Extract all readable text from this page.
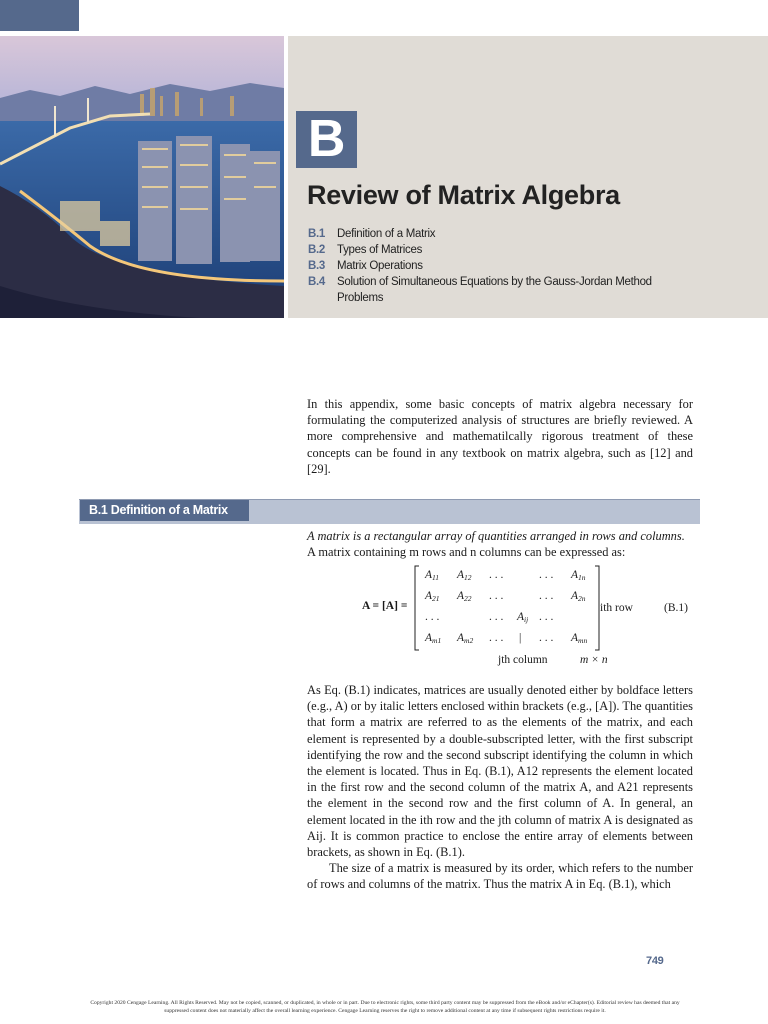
B
Review of Matrix Algebra
B.1	Definition of a Matrix
B.2	Types of Matrices
B.3	Matrix Operations
B.4	Solution of Simultaneous Equations by the Gauss-Jordan Method
Problems
In this appendix, some basic concepts of matrix algebra necessary for formulating the computerized analysis of structures are briefly reviewed. A more comprehensive and mathematilcally rigorous treatment of these concepts can be found in any textbook on matrix algebra, such as [12] and [29].
B.1 Definition of a Matrix
A matrix is a rectangular array of quantities arranged in rows and columns.
A matrix containing m rows and n columns can be expressed as:
A = [A] =
$A_{11}$ $A_{12}$ . . .	. . . $A_{1n}$
$A_{21}$ $A_{22}$ . . .	. . . $A_{2n}$
. . .	. . . $A_{ij}$ . . .
$A_{m1}$ $A_{m2}$ . . . | . . . $A_{mn}$
ith row	(B.1)
jth column	m × n

As Eq. (B.1) indicates, matrices are usually denoted either by boldface letters (e.g., A) or by italic letters enclosed within brackets (e.g., [A]). The quantities that form a matrix are referred to as the elements of the matrix, and each element is represented by a double-subscripted letter, with the first subscript identifying the row and the second subscript identifying the column in which the element is located. Thus in Eq. (B.1), A12 represents the element located in the first row and the second column of the matrix A, and A21 represents the element in the second row and the first column of A. In general, an element located in the ith row and the jth column of matrix A is designated as Aij. It is common practice to enclose the entire array of elements between brackets, as shown in Eq. (B.1).

The size of a matrix is measured by its order, which refers to the number of rows and columns of the matrix. Thus the matrix A in Eq. (B.1), which

749
Copyright 2020 Cengage Learning. All Rights Reserved. May not be copied, scanned, or duplicated, in whole or in part. Due to electronic rights, some third party content may be suppressed from the eBook and/or eChapter(s). Editorial review has deemed that any suppressed content does not materially affect the overall learning experience. Cengage Learning reserves the right to remove additional content at any time if subsequent rights restrictions require it.
